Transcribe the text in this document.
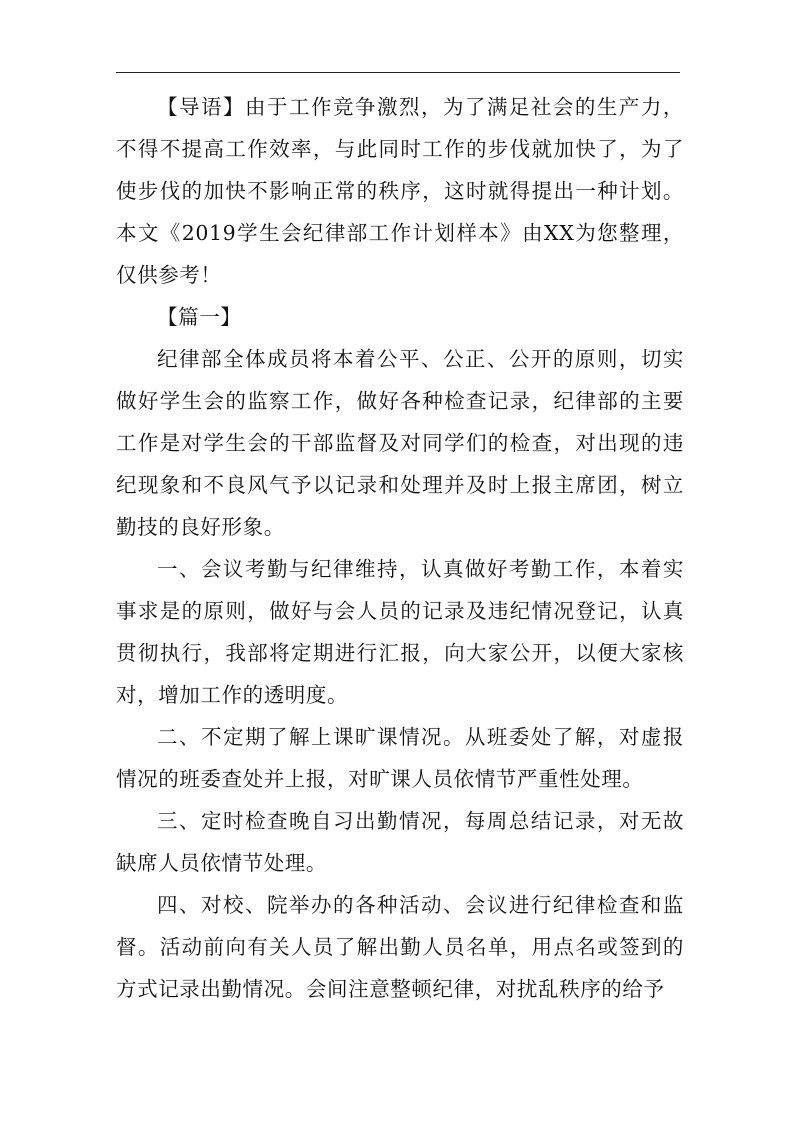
【导语】由于工作竞争激烈，为了满足社会的生产力，不得不提高工作效率，与此同时工作的步伐就加快了，为了使步伐的加快不影响正常的秩序，这时就得提出一种计划。本文《2019学生会纪律部工作计划样本》由XX为您整理，仅供参考！

【篇一】

纪律部全体成员将本着公平、公正、公开的原则，切实做好学生会的监察工作，做好各种检查记录，纪律部的主要工作是对学生会的干部监督及对同学们的检查，对出现的违纪现象和不良风气予以记录和处理并及时上报主席团，树立勤技的良好形象。

一、会议考勤与纪律维持，认真做好考勤工作，本着实事求是的原则，做好与会人员的记录及违纪情况登记，认真贯彻执行，我部将定期进行汇报，向大家公开，以便大家核对，增加工作的透明度。

二、不定期了解上课旷课情况。从班委处了解，对虚报情况的班委查处并上报，对旷课人员依情节严重性处理。

三、定时检查晚自习出勤情况，每周总结记录，对无故缺席人员依情节处理。

四、对校、院举办的各种活动、会议进行纪律检查和监督。活动前向有关人员了解出勤人员名单，用点名或签到的方式记录出勤情况。会间注意整顿纪律，对扰乱秩序的给予
